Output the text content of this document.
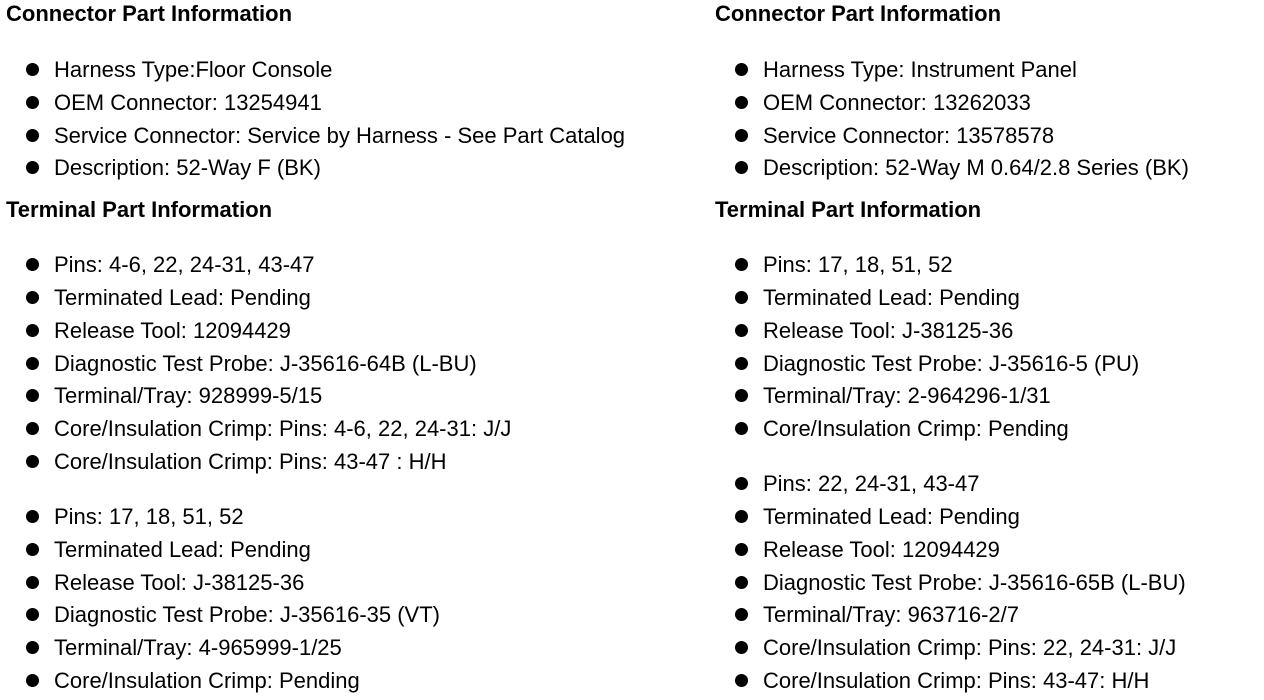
Connector Part Information
Harness Type:Floor Console
OEM Connector: 13254941
Service Connector: Service by Harness - See Part Catalog
Description: 52-Way F (BK)
Terminal Part Information
Pins: 4-6, 22, 24-31, 43-47
Terminated Lead: Pending
Release Tool: 12094429
Diagnostic Test Probe: J-35616-64B (L-BU)
Terminal/Tray: 928999-5/15
Core/Insulation Crimp: Pins: 4-6, 22, 24-31: J/J
Core/Insulation Crimp: Pins: 43-47 : H/H
Pins: 17, 18, 51, 52
Terminated Lead: Pending
Release Tool: J-38125-36
Diagnostic Test Probe: J-35616-35 (VT)
Terminal/Tray: 4-965999-1/25
Core/Insulation Crimp: Pending
Connector Part Information
Harness Type: Instrument Panel
OEM Connector: 13262033
Service Connector: 13578578
Description: 52-Way M 0.64/2.8 Series (BK)
Terminal Part Information
Pins: 17, 18, 51, 52
Terminated Lead: Pending
Release Tool: J-38125-36
Diagnostic Test Probe: J-35616-5 (PU)
Terminal/Tray: 2-964296-1/31
Core/Insulation Crimp: Pending
Pins: 22, 24-31, 43-47
Terminated Lead: Pending
Release Tool: 12094429
Diagnostic Test Probe: J-35616-65B (L-BU)
Terminal/Tray: 963716-2/7
Core/Insulation Crimp: Pins: 22, 24-31: J/J
Core/Insulation Crimp: Pins: 43-47: H/H
